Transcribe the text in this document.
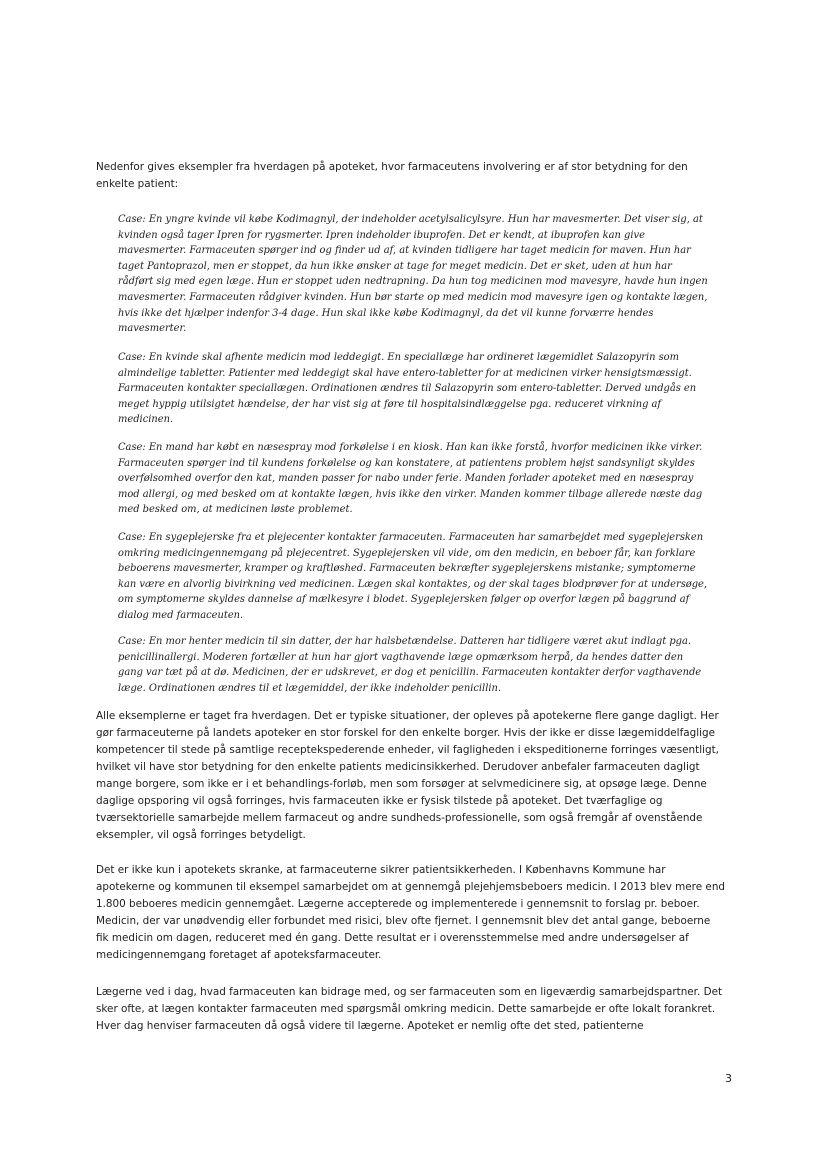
Nedenfor gives eksempler fra hverdagen på apoteket, hvor farmaceutens involvering er af stor betydning for den enkelte patient:

Case: En yngre kvinde vil købe Kodimagnyl, der indeholder acetylsalicylsyre. Hun har mavesmerter. Det viser sig, at kvinden også tager Ipren for rygsmerter. Ipren indeholder ibuprofen. Det er kendt, at ibuprofen kan give mavesmerter. Farmaceuten spørger ind og finder ud af, at kvinden tidligere har taget medicin for maven. Hun har taget Pantoprazol, men er stoppet, da hun ikke ønsker at tage for meget medicin. Det er sket, uden at hun har rådført sig med egen læge. Hun er stoppet uden nedtrapning. Da hun tog medicinen mod mavesyre, havde hun ingen mavesmerter. Farmaceuten rådgiver kvinden. Hun bør starte op med medicin mod mavesyre igen og kontakte lægen, hvis ikke det hjælper indenfor 3-4 dage. Hun skal ikke købe Kodimagnyl, da det vil kunne forværre hendes mavesmerter.

Case: En kvinde skal afhente medicin mod leddegigt. En speciallæge har ordineret lægemidlet Salazopyrin som almindelige tabletter. Patienter med leddegigt skal have entero-tabletter for at medicinen virker hensigtsmæssigt. Farmaceuten kontakter speciallægen. Ordinationen ændres til Salazopyrin som entero-tabletter. Derved undgås en meget hyppig utilsigtet hændelse, der har vist sig at føre til hospitalsindlæggelse pga. reduceret virkning af medicinen.

Case: En mand har købt en næsespray mod forkølelse i en kiosk. Han kan ikke forstå, hvorfor medicinen ikke virker. Farmaceuten spørger ind til kundens forkølelse og kan konstatere, at patientens problem højst sandsynligt skyldes overfølsomhed overfor den kat, manden passer for nabo under ferie. Manden forlader apoteket med en næsespray mod allergi, og med besked om at kontakte lægen, hvis ikke den virker. Manden kommer tilbage allerede næste dag med besked om, at medicinen løste problemet.

Case: En sygeplejerske fra et plejecenter kontakter farmaceuten. Farmaceuten har samarbejdet med sygeplejersken omkring medicingennemgang på plejecentret. Sygeplejersken vil vide, om den medicin, en beboer får, kan forklare beboerens mavesmerter, kramper og kraftløshed. Farmaceuten bekræfter sygeplejerskens mistanke; symptomerne kan være en alvorlig bivirkning ved medicinen. Lægen skal kontaktes, og der skal tages blodprøver for at undersøge, om symptomerne skyldes dannelse af mælkesyre i blodet. Sygeplejersken følger op overfor lægen på baggrund af dialog med farmaceuten.

Case: En mor henter medicin til sin datter, der har halsbetændelse. Datteren har tidligere været akut indlagt pga. penicillinallergi. Moderen fortæller at hun har gjort vagthavende læge opmærksom herpå, da hendes datter den gang var tæt på at dø. Medicinen, der er udskrevet, er dog et penicillin. Farmaceuten kontakter derfor vagthavende læge. Ordinationen ændres til et lægemiddel, der ikke indeholder penicillin.

Alle eksemplerne er taget fra hverdagen. Det er typiske situationer, der opleves på apotekerne flere gange dagligt. Her gør farmaceuterne på landets apoteker en stor forskel for den enkelte borger. Hvis der ikke er disse lægemiddelfaglige kompetencer til stede på samtlige receptekspederende enheder, vil fagligheden i ekspeditionerne forringes væsentligt, hvilket vil have stor betydning for den enkelte patients medicinsikkerhed. Derudover anbefaler farmaceuten dagligt mange borgere, som ikke er i et behandlings-forløb, men som forsøger at selvmedicinere sig, at opsøge læge. Denne daglige opsporing vil også forringes, hvis farmaceuten ikke er fysisk tilstede på apoteket. Det tværfaglige og tværsektorielle samarbejde mellem farmaceut og andre sundheds-professionelle, som også fremgår af ovenstående eksempler, vil også forringes betydeligt.

Det er ikke kun i apotekets skranke, at farmaceuterne sikrer patientsikkerheden. I Københavns Kommune har apotekerne og kommunen til eksempel samarbejdet om at gennemgå plejehjemsbeboers medicin. I 2013 blev mere end 1.800 beboeres medicin gennemgået. Lægerne accepterede og implementerede i gennemsnit to forslag pr. beboer. Medicin, der var unødvendig eller forbundet med risici, blev ofte fjernet. I gennemsnit blev det antal gange, beboerne fik medicin om dagen, reduceret med én gang. Dette resultat er i overensstemmelse med andre undersøgelser af medicingennemgang foretaget af apoteksfarmaceuter.

Lægerne ved i dag, hvad farmaceuten kan bidrage med, og ser farmaceuten som en ligeværdig samarbejdspartner. Det sker ofte, at lægen kontakter farmaceuten med spørgsmål omkring medicin. Dette samarbejde er ofte lokalt forankret. Hver dag henviser farmaceuten då også videre til lægerne. Apoteket er nemlig ofte det sted, patienterne

3
